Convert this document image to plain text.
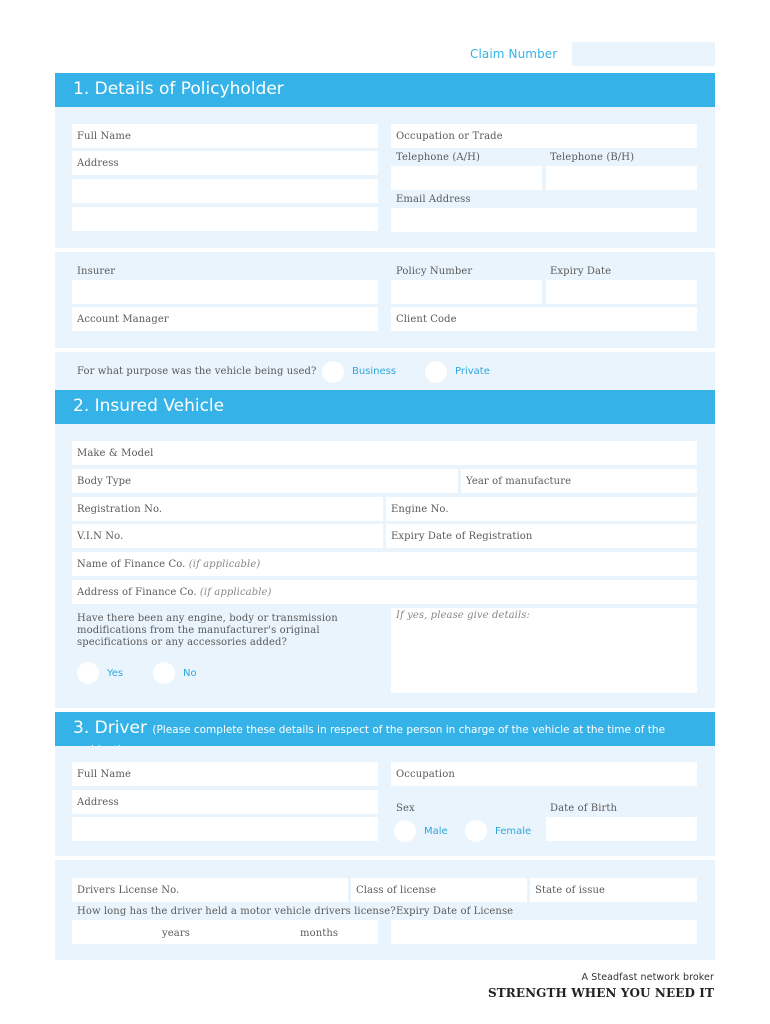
Claim Number
1. Details of Policyholder
Full Name
Address
Occupation or Trade
Telephone (A/H)	Telephone (B/H)
Email Address
Insurer	Policy Number	Expiry Date
Account Manager	Client Code
For what purpose was the vehicle being used?	Business	Private
2. Insured Vehicle
Make & Model
Body Type	Year of manufacture
Registration No.	Engine No.
V.I.N No.	Expiry Date of Registration
Name of Finance Co. (if applicable)
Address of Finance Co. (if applicable)
Have there been any engine, body or transmission modifications from the manufacturer's original specifications or any accessories added?
Yes	No
If yes, please give details:
3. Driver (Please complete these details in respect of the person in charge of the vehicle at the time of the
Full Name
Address
Occupation
Sex	Date of Birth
Male	Female
Drivers License No.	Class of license	State of issue
How long has the driver held a motor vehicle drivers license? Expiry Date of License
years	months
A Steadfast network broker
STRENGTH WHEN YOU NEED IT
